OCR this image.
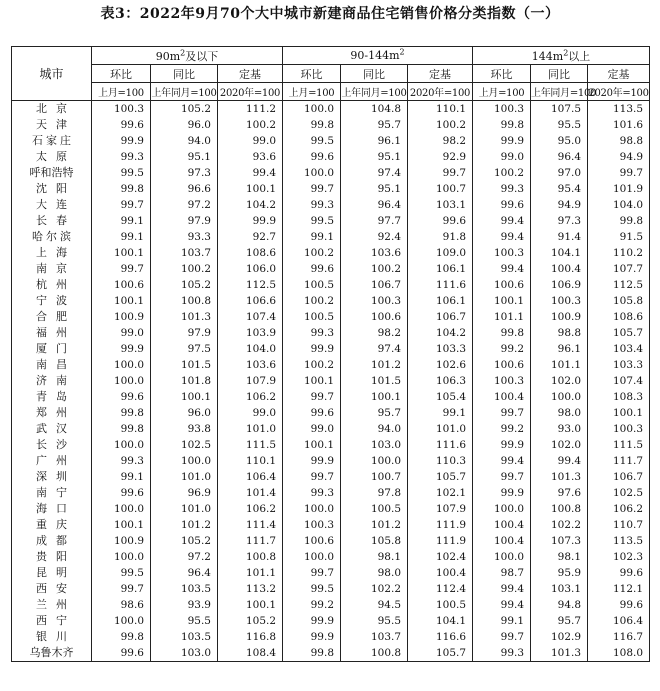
表3：2022年9月70个大中城市新建商品住宅销售价格分类指数（一）
城市	$90m^2$及以下			$90-144m^2$			$144m^2$以上		
	环比	同比	定基	环比	同比	定基	环比	同比	定基
	上月=100	上年同月=100	2020年=100	上月=100	上年同月=100	2020年=100	上月=100	上年同月=100	2020年=100
北京	100.3	105.2	111.2	100.0	104.8	110.1	100.3	107.5	113.5
天津	99.6	96.0	100.2	99.8	95.7	100.2	99.8	95.5	101.6
石家庄	99.9	94.0	99.0	99.5	96.1	98.2	99.9	95.0	98.8
太原	99.3	95.1	93.6	99.6	95.1	92.9	99.0	96.4	94.9
呼和浩特	99.5	97.3	99.4	100.0	97.4	99.7	100.2	97.0	99.7
沈阳	99.8	96.6	100.1	99.7	95.1	100.7	99.3	95.4	101.9
大连	99.7	97.2	104.2	99.3	96.4	103.1	99.6	94.9	104.0
长春	99.1	97.9	99.9	99.5	97.7	99.6	99.4	97.3	99.8
哈尔滨	99.1	93.3	92.7	99.1	92.4	91.8	99.4	91.4	91.5
上海	100.1	103.7	108.6	100.2	103.6	109.0	100.3	104.1	110.2
南京	99.7	100.2	106.0	99.6	100.2	106.1	99.4	100.4	107.7
杭州	100.6	105.2	112.5	100.5	106.7	111.6	100.6	106.9	112.5
宁波	100.1	100.8	106.6	100.2	100.3	106.1	100.1	100.3	105.8
合肥	100.9	101.3	107.4	100.5	100.6	106.7	101.1	100.9	108.6
福州	99.0	97.9	103.9	99.3	98.2	104.2	99.8	98.8	105.7
厦门	99.9	97.5	104.0	99.9	97.4	103.3	99.2	96.1	103.4
南昌	100.0	101.5	103.6	100.2	101.2	102.6	100.6	101.1	103.3
济南	100.0	101.8	107.9	100.1	101.5	106.3	100.3	102.0	107.4
青岛	99.6	100.1	106.2	99.7	100.1	105.4	100.4	100.0	108.3
郑州	99.8	96.0	99.0	99.6	95.7	99.1	99.7	98.0	100.1
武汉	99.8	93.8	101.0	99.0	94.0	101.0	99.2	93.0	100.3
长沙	100.0	102.5	111.5	100.1	103.0	111.6	99.9	102.0	111.5
广州	99.3	100.0	110.1	99.9	100.0	110.3	99.4	99.4	111.7
深圳	99.1	101.0	106.4	99.7	100.7	105.7	99.7	101.3	106.7
南宁	99.6	96.9	101.4	99.3	97.8	102.1	99.9	97.6	102.5
海口	100.0	101.0	106.2	100.0	100.5	107.9	100.0	100.8	106.2
重庆	100.1	101.2	111.4	100.3	101.2	111.9	100.4	102.2	110.7
成都	100.9	105.2	111.7	100.6	105.8	111.9	100.4	107.3	113.5
贵阳	100.0	97.2	100.8	100.0	98.1	102.4	100.0	98.1	102.3
昆明	99.5	96.4	101.1	99.7	98.0	100.4	98.7	95.9	99.6
西安	99.7	103.5	113.2	99.5	102.2	112.4	99.4	103.1	112.1
兰州	98.6	93.9	100.1	99.2	94.5	100.5	99.4	94.8	99.6
西宁	100.0	95.5	105.2	99.9	95.5	104.1	99.1	95.7	106.4
银川	99.8	103.5	116.8	99.9	103.7	116.6	99.7	102.9	116.7
乌鲁木齐	99.6	103.0	108.4	99.8	100.8	105.7	99.3	101.3	108.0
